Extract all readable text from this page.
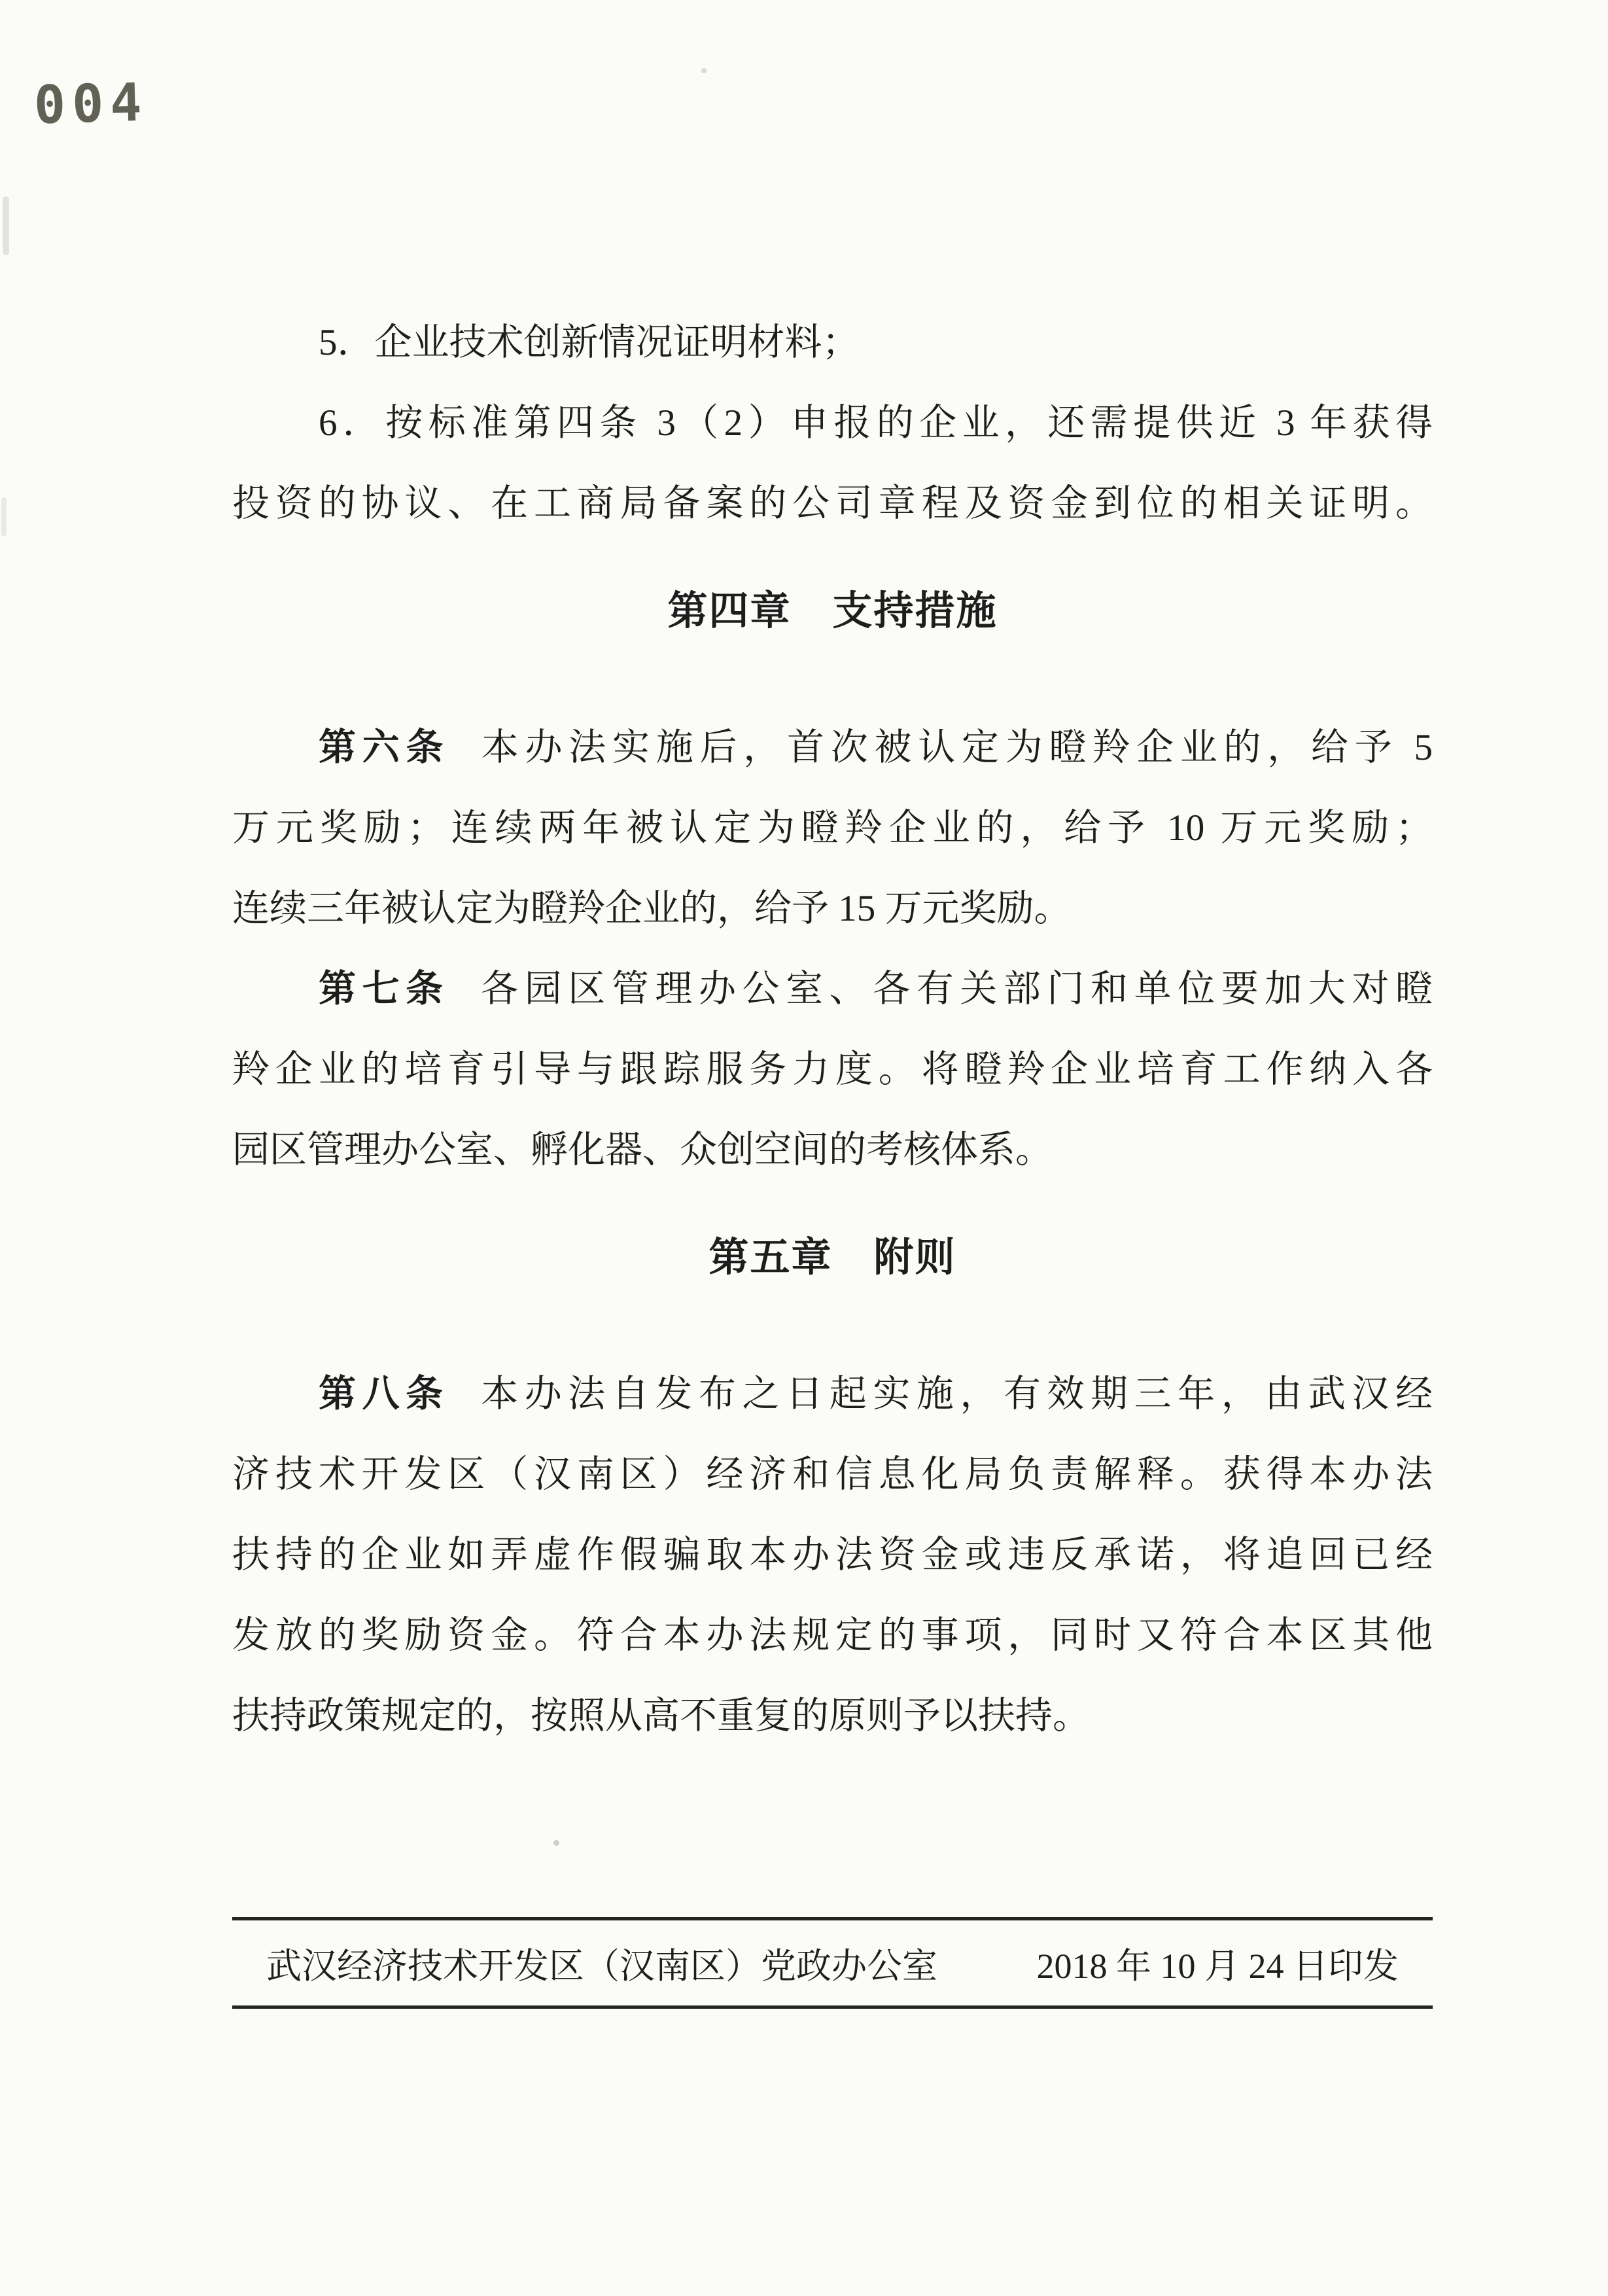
004
5．企业技术创新情况证明材料；
6．按标准第四条 3（2）申报的企业，还需提供近 3 年获得
投资的协议、在工商局备案的公司章程及资金到位的相关证明。
第四章　支持措施
第六条 本办法实施后，首次被认定为瞪羚企业的，给予 5
万元奖励；连续两年被认定为瞪羚企业的，给予 10 万元奖励；
连续三年被认定为瞪羚企业的，给予 15 万元奖励。
第七条 各园区管理办公室、各有关部门和单位要加大对瞪
羚企业的培育引导与跟踪服务力度。将瞪羚企业培育工作纳入各
园区管理办公室、孵化器、众创空间的考核体系。
第五章　附则
第八条 本办法自发布之日起实施，有效期三年，由武汉经
济技术开发区（汉南区）经济和信息化局负责解释。获得本办法
扶持的企业如弄虚作假骗取本办法资金或违反承诺，将追回已经
发放的奖励资金。符合本办法规定的事项，同时又符合本区其他
扶持政策规定的，按照从高不重复的原则予以扶持。
武汉经济技术开发区（汉南区）党政办公室	2018 年 10 月 24 日印发
